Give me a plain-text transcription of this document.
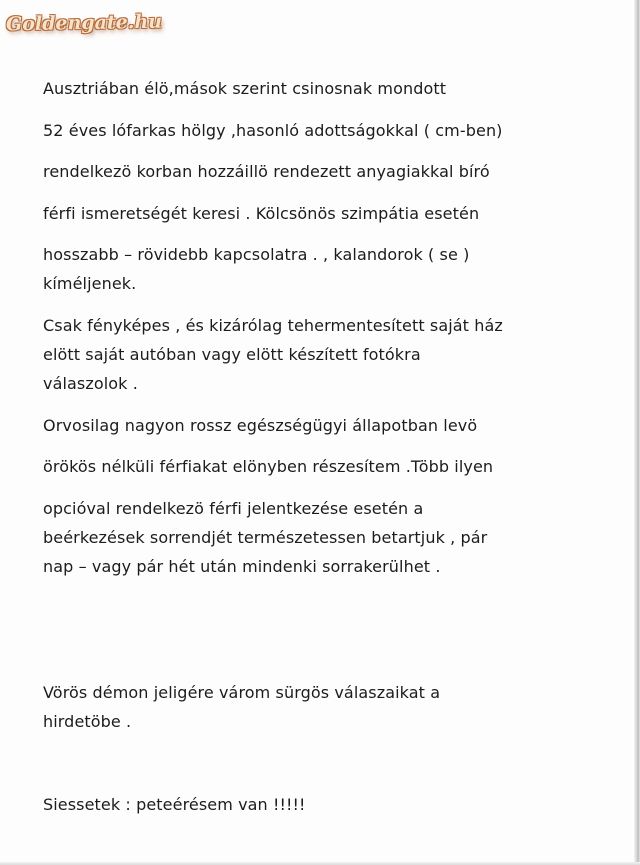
Goldengate.hu
Ausztriában élö,mások szerint csinosnak mondott
52 éves lófarkas hölgy ,hasonló adottságokkal ( cm-ben)
rendelkezö korban hozzáillö rendezett anyagiakkal bíró
férfi ismeretségét keresi . Kölcsönös szimpátia esetén
hosszabb – rövidebb kapcsolatra . , kalandorok ( se )
kíméljenek.
Csak fényképes , és kizárólag tehermentesített saját ház
elött saját autóban vagy elött készített fotókra
válaszolok .
Orvosilag nagyon rossz egészségügyi állapotban levö
örökös nélküli férfiakat elönyben részesítem .Több ilyen
opcióval rendelkezö férfi jelentkezése esetén a
beérkezések sorrendjét természetessen betartjuk , pár
nap – vagy pár hét után mindenki sorrakerülhet .
Vörös démon jeligére várom sürgös válaszaikat a
hirdetöbe .
Siessetek : peteérésem van !!!!!
